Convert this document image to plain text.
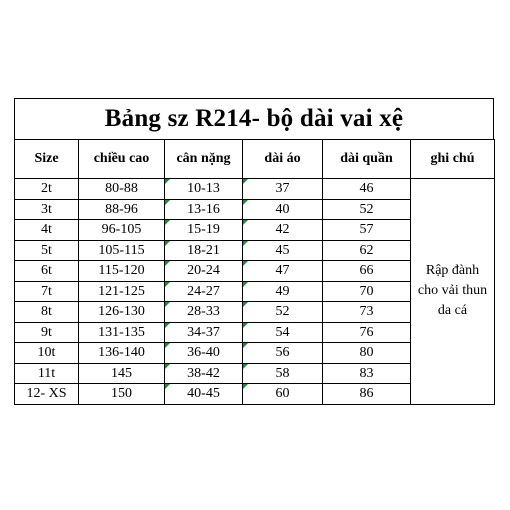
Bảng sz R214- bộ dài vai xệ
Size	chiều cao	cân nặng	dài áo	dài quần	ghi chú
2t	80-88	10-13	37	46	Rập đành cho vải thun da cá
3t	88-96	13-16	40	52	
4t	96-105	15-19	42	57	
5t	105-115	18-21	45	62	
6t	115-120	20-24	47	66	
7t	121-125	24-27	49	70	
8t	126-130	28-33	52	73	
9t	131-135	34-37	54	76	
10t	136-140	36-40	56	80	
11t	145	38-42	58	83	
12- XS	150	40-45	60	86	
